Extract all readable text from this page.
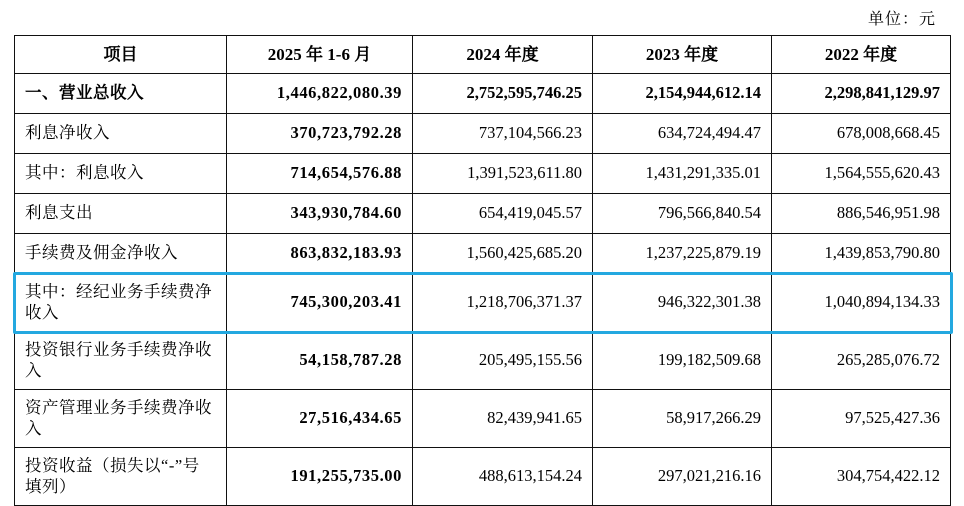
单位：元
项目	2025 年 1-6 月	2024 年度	2023 年度	2022 年度
一、营业总收入	1,446,822,080.39	2,752,595,746.25	2,154,944,612.14	2,298,841,129.97
利息净收入	370,723,792.28	737,104,566.23	634,724,494.47	678,008,668.45
其中：利息收入	714,654,576.88	1,391,523,611.80	1,431,291,335.01	1,564,555,620.43
利息支出	343,930,784.60	654,419,045.57	796,566,840.54	886,546,951.98
手续费及佣金净收入	863,832,183.93	1,560,425,685.20	1,237,225,879.19	1,439,853,790.80
其中：经纪业务手续费净收入	745,300,203.41	1,218,706,371.37	946,322,301.38	1,040,894,134.33
投资银行业务手续费净收入	54,158,787.28	205,495,155.56	199,182,509.68	265,285,076.72
资产管理业务手续费净收入	27,516,434.65	82,439,941.65	58,917,266.29	97,525,427.36
投资收益（损失以“-”号填列）	191,255,735.00	488,613,154.24	297,021,216.16	304,754,422.12
